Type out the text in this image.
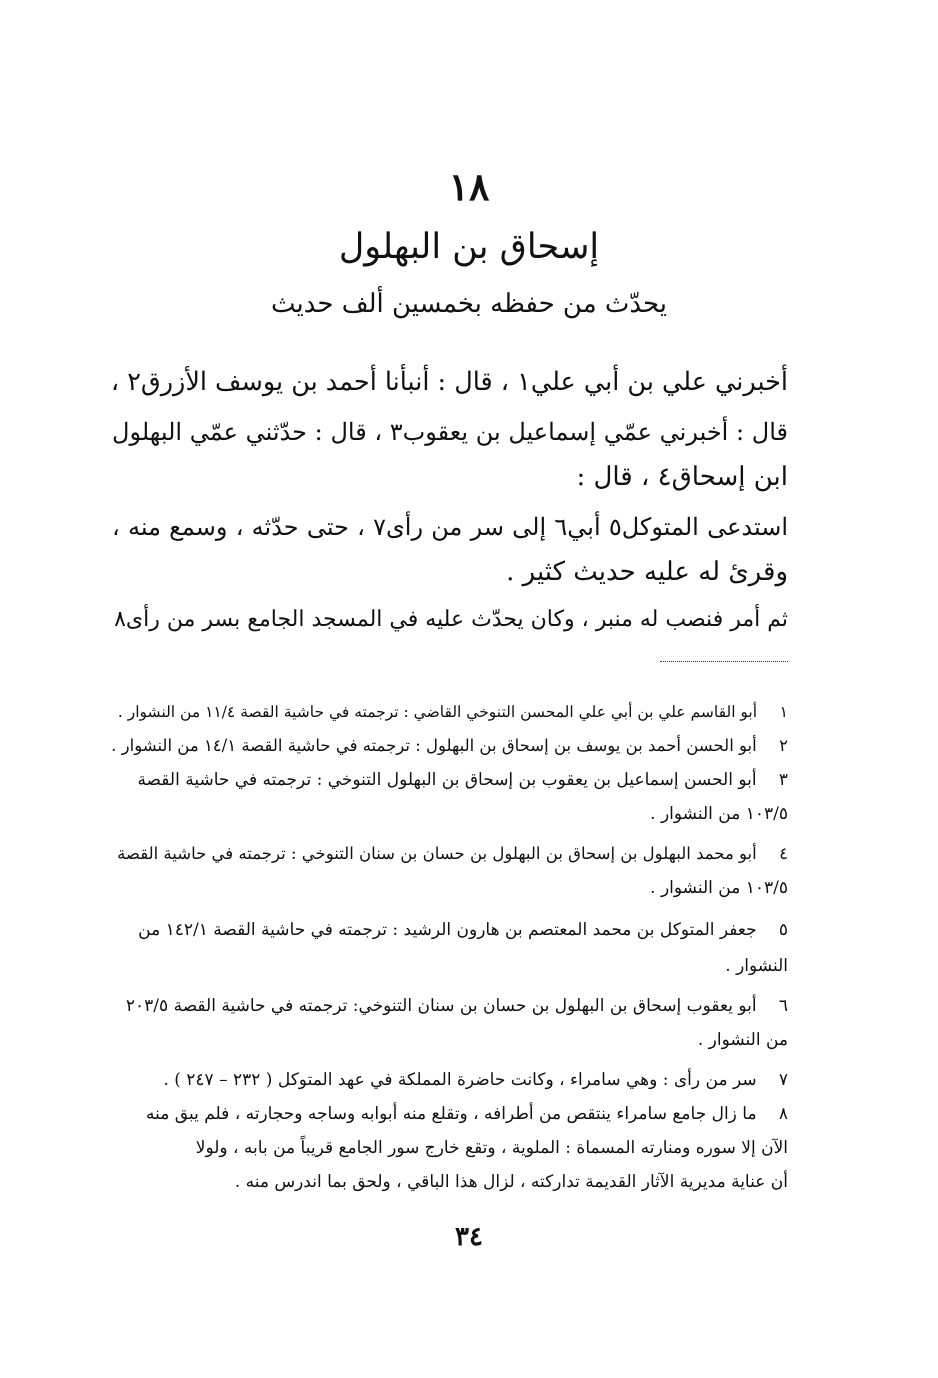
١٨
إسحاق بن البهلول
يحدّث من حفظه بخمسين ألف حديث
أخبرني علي بن أبي علي١ ، قال : أنبأنا أحمد بن يوسف الأزرق٢ ،
قال : أخبرني عمّي إسماعيل بن يعقوب٣ ، قال : حدّثني عمّي البهلول
ابن إسحاق٤ ، قال :
استدعى المتوكل٥ أبي٦ إلى سر من رأى٧ ، حتى حدّثه ، وسمع منه ،
وقرئ له عليه حديث كثير .
ثم أمر فنصب له منبر ، وكان يحدّث عليه في المسجد الجامع بسر من رأى٨
١ أبو القاسم علي بن أبي علي المحسن التنوخي القاضي : ترجمته في حاشية القصة ١١/٤ من النشوار .
٢ أبو الحسن أحمد بن يوسف بن إسحاق بن البهلول : ترجمته في حاشية القصة ١٤/١ من النشوار .
٣ أبو الحسن إسماعيل بن يعقوب بن إسحاق بن البهلول التنوخي : ترجمته في حاشية القصة
١٠٣/٥ من النشوار .
٤ أبو محمد البهلول بن إسحاق بن البهلول بن حسان بن سنان التنوخي : ترجمته في حاشية القصة
١٠٣/٥ من النشوار .
٥ جعفر المتوكل بن محمد المعتصم بن هارون الرشيد : ترجمته في حاشية القصة ١٤٢/١ من
النشوار .
٦ أبو يعقوب إسحاق بن البهلول بن حسان بن سنان التنوخي: ترجمته في حاشية القصة ٢٠٣/٥
من النشوار .
٧ سر من رأى : وهي سامراء ، وكانت حاضرة المملكة في عهد المتوكل ( ٢٣٢ – ٢٤٧ ) .
٨ ما زال جامع سامراء ينتقص من أطرافه ، وتقلع منه أبوابه وساجه وحجارته ، فلم يبق منه
الآن إلا سوره ومنارته المسماة : الملوية ، وتقع خارج سور الجامع قريباً من بابه ، ولولا
أن عناية مديرية الآثار القديمة تداركته ، لزال هذا الباقي ، ولحق بما اندرس منه .
٣٤
